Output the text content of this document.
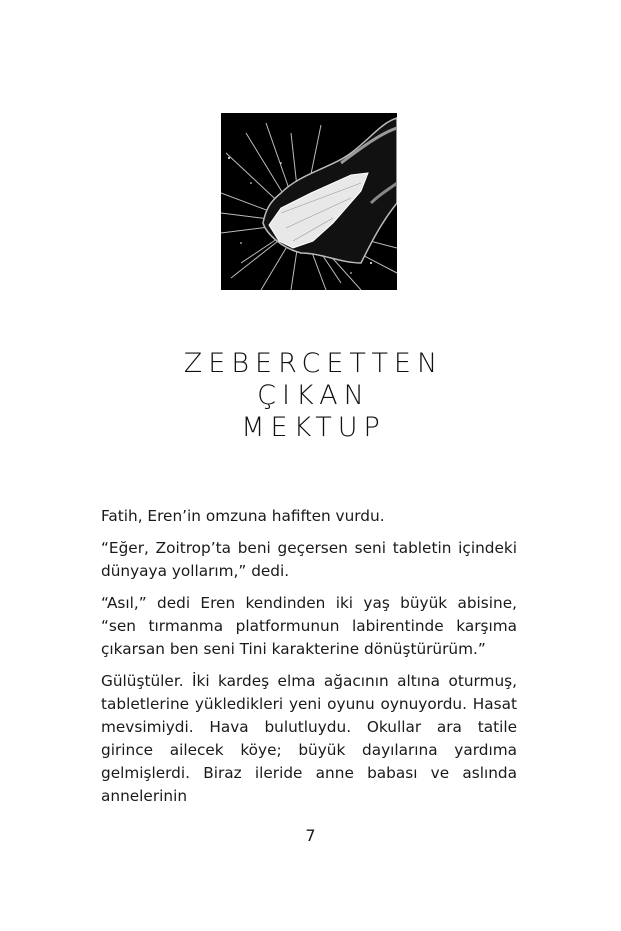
ZEBERCETTEN
ÇIKAN
MEKTUP

Fatih, Eren’in omzuna hafiften vurdu.

“Eğer, Zoitrop’ta beni geçersen seni tabletin içindeki dünyaya yollarım,” dedi.

“Asıl,” dedi Eren kendinden iki yaş büyük abisine, “sen tırmanma platformunun labirentinde karşıma çıkarsan ben seni Tini karakterine dönüştürürüm.”

Gülüştüler. İki kardeş elma ağacının altına oturmuş, tabletlerine yükledikleri yeni oyunu oynuyordu. Hasat mevsimiydi. Hava bulutluydu. Okullar ara tatile girince ailecek köye; büyük dayılarına yardıma gelmişlerdi. Biraz ileride anne babası ve aslında annelerinin

7
